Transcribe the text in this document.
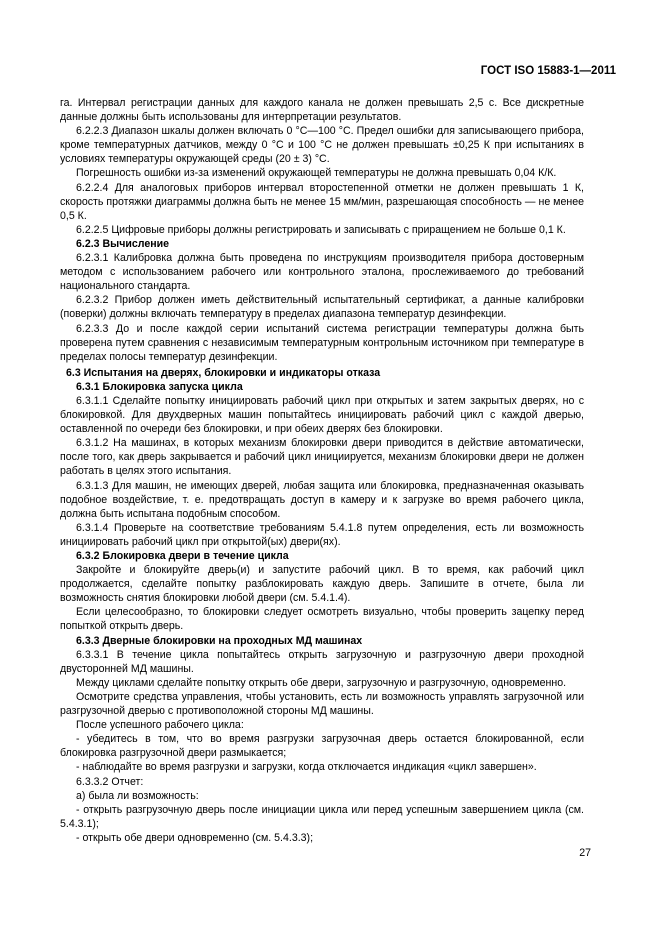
ГОСТ ISO 15883-1—2011

га. Интервал регистрации данных для каждого канала не должен превышать 2,5 с. Все дискретные данные должны быть использованы для интерпретации результатов.

6.2.2.3 Диапазон шкалы должен включать 0 °С—100 °С. Предел ошибки для записывающего прибора, кроме температурных датчиков, между 0 °С и 100 °С не должен превышать ±0,25 К при испытаниях в условиях температуры окружающей среды (20 ± 3) °С.

Погрешность ошибки из-за изменений окружающей температуры не должна превышать 0,04 К/К.

6.2.2.4 Для аналоговых приборов интервал второстепенной отметки не должен превышать 1 К, скорость протяжки диаграммы должна быть не менее 15 мм/мин, разрешающая способность — не менее 0,5 К.

6.2.2.5 Цифровые приборы должны регистрировать и записывать с приращением не больше 0,1 К.

6.2.3 Вычисление

6.2.3.1 Калибровка должна быть проведена по инструкциям производителя прибора достоверным методом с использованием рабочего или контрольного эталона, прослеживаемого до требований национального стандарта.

6.2.3.2 Прибор должен иметь действительный испытательный сертификат, а данные калибровки (поверки) должны включать температуру в пределах диапазона температур дезинфекции.

6.2.3.3 До и после каждой серии испытаний система регистрации температуры должна быть проверена путем сравнения с независимым температурным контрольным источником при температуре в пределах полосы температур дезинфекции.

6.3 Испытания на дверях, блокировки и индикаторы отказа

6.3.1 Блокировка запуска цикла

6.3.1.1 Сделайте попытку инициировать рабочий цикл при открытых и затем закрытых дверях, но с блокировкой. Для двухдверных машин попытайтесь инициировать рабочий цикл с каждой дверью, оставленной по очереди без блокировки, и при обеих дверях без блокировки.

6.3.1.2 На машинах, в которых механизм блокировки двери приводится в действие автоматически, после того, как дверь закрывается и рабочий цикл инициируется, механизм блокировки двери не должен работать в целях этого испытания.

6.3.1.3 Для машин, не имеющих дверей, любая защита или блокировка, предназначенная оказывать подобное воздействие, т. е. предотвращать доступ в камеру и к загрузке во время рабочего цикла, должна быть испытана подобным способом.

6.3.1.4 Проверьте на соответствие требованиям 5.4.1.8 путем определения, есть ли возможность инициировать рабочий цикл при открытой(ых) двери(ях).

6.3.2 Блокировка двери в течение цикла

Закройте и блокируйте дверь(и) и запустите рабочий цикл. В то время, как рабочий цикл продолжается, сделайте попытку разблокировать каждую дверь. Запишите в отчете, была ли возможность снятия блокировки любой двери (см. 5.4.1.4).

Если целесообразно, то блокировки следует осмотреть визуально, чтобы проверить зацепку перед попыткой открыть дверь.

6.3.3 Дверные блокировки на проходных МД машинах

6.3.3.1 В течение цикла попытайтесь открыть загрузочную и разгрузочную двери проходной двусторонней МД машины.

Между циклами сделайте попытку открыть обе двери, загрузочную и разгрузочную, одновременно.

Осмотрите средства управления, чтобы установить, есть ли возможность управлять загрузочной или разгрузочной дверью с противоположной стороны МД машины.

После успешного рабочего цикла:

- убедитесь в том, что во время разгрузки загрузочная дверь остается блокированной, если блокировка разгрузочной двери размыкается;

- наблюдайте во время разгрузки и загрузки, когда отключается индикация «цикл завершен».

6.3.3.2 Отчет:

а) была ли возможность:

- открыть разгрузочную дверь после инициации цикла или перед успешным завершением цикла (см. 5.4.3.1);

- открыть обе двери одновременно (см. 5.4.3.3);

27
